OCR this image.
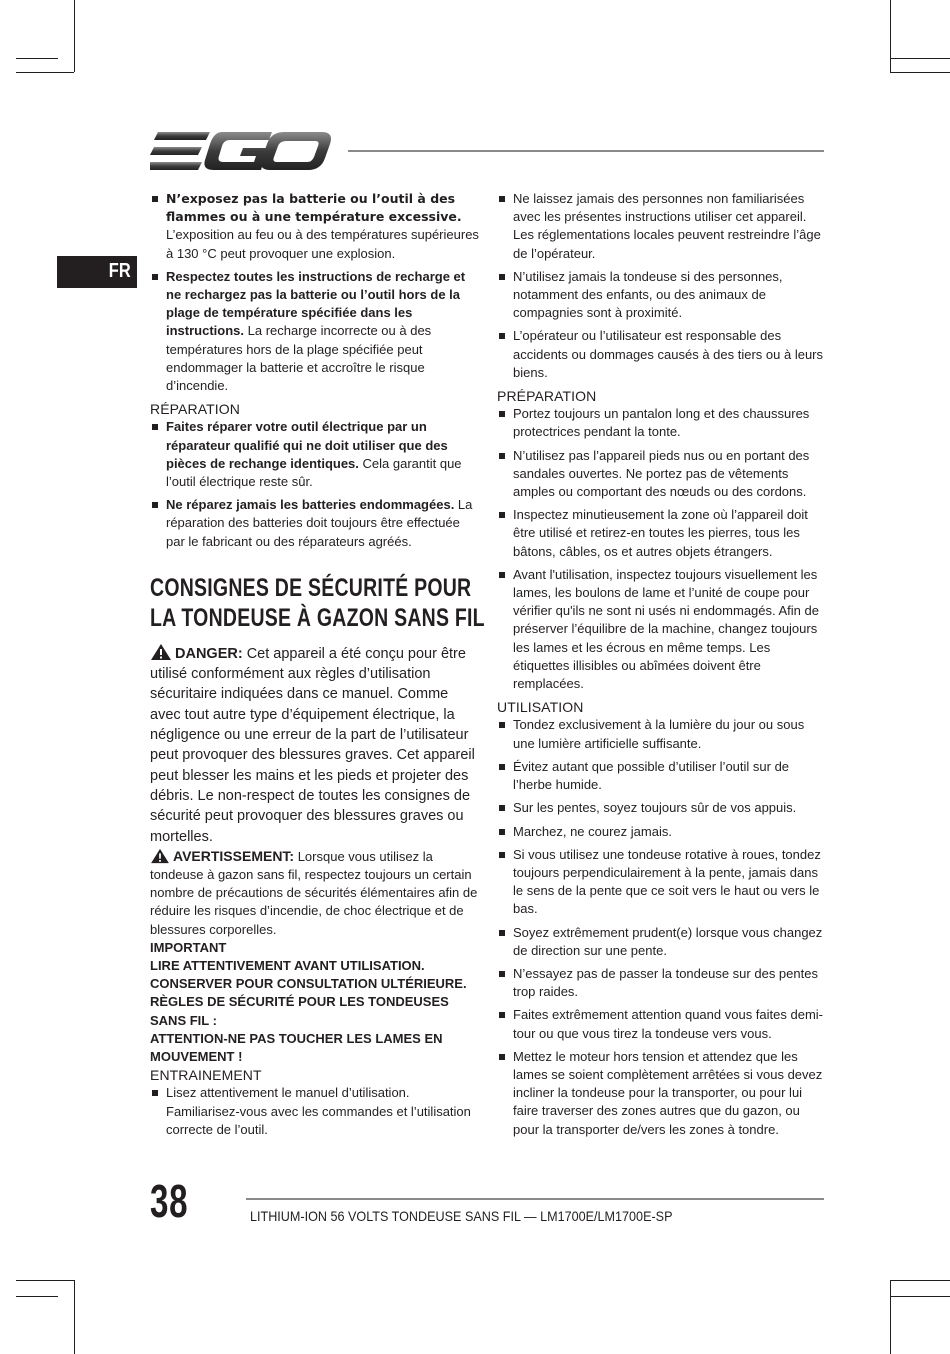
FR
N’exposez pas la batterie ou l’outil à des flammes ou à une température excessive. L’exposition au feu ou à des températures supérieures à 130 °C peut provoquer une explosion.
Respectez toutes les instructions de recharge et ne rechargez pas la batterie ou l’outil hors de la plage de température spécifiée dans les instructions. La recharge incorrecte ou à des températures hors de la plage spécifiée peut endommager la batterie et accroître le risque d’incendie.

RÉPARATION

Faites réparer votre outil électrique par un réparateur qualifié qui ne doit utiliser que des pièces de rechange identiques. Cela garantit que l’outil électrique reste sûr.
Ne réparez jamais les batteries endommagées. La réparation des batteries doit toujours être effectuée par le fabricant ou des réparateurs agréés.
CONSIGNES DE SÉCURITÉ POUR LA TONDEUSE À GAZON SANS FIL

DANGER: Cet appareil a été conçu pour être utilisé conformément aux règles d’utilisation sécuritaire indiquées dans ce manuel. Comme avec tout autre type d’équipement électrique, la négligence ou une erreur de la part de l’utilisateur peut provoquer des blessures graves. Cet appareil peut blesser les mains et les pieds et projeter des débris. Le non-respect de toutes les consignes de sécurité peut provoquer des blessures graves ou mortelles.

AVERTISSEMENT: Lorsque vous utilisez la tondeuse à gazon sans fil, respectez toujours un certain nombre de précautions de sécurités élémentaires afin de réduire les risques d’incendie, de choc électrique et de blessures corporelles.

IMPORTANT

LIRE ATTENTIVEMENT AVANT UTILISATION. CONSERVER POUR CONSULTATION ULTÉRIEURE.

RÈGLES DE SÉCURITÉ POUR LES TONDEUSES SANS FIL :

ATTENTION-NE PAS TOUCHER LES LAMES EN MOUVEMENT !

ENTRAINEMENT

Lisez attentivement le manuel d’utilisation. Familiarisez-vous avec les commandes et l’utilisation correcte de l’outil.
Ne laissez jamais des personnes non familiarisées avec les présentes instructions utiliser cet appareil. Les réglementations locales peuvent restreindre l’âge de l’opérateur.
N’utilisez jamais la tondeuse si des personnes, notamment des enfants, ou des animaux de compagnies sont à proximité.
L’opérateur ou l’utilisateur est responsable des accidents ou dommages causés à des tiers ou à leurs biens.

PRÉPARATION

Portez toujours un pantalon long et des chaussures protectrices pendant la tonte.
N’utilisez pas l’appareil pieds nus ou en portant des sandales ouvertes. Ne portez pas de vêtements amples ou comportant des nœuds ou des cordons.
Inspectez minutieusement la zone où l’appareil doit être utilisé et retirez-en toutes les pierres, tous les bâtons, câbles, os et autres objets étrangers.
Avant l'utilisation, inspectez toujours visuellement les lames, les boulons de lame et l’unité de coupe pour vérifier qu'ils ne sont ni usés ni endommagés. Afin de préserver l’équilibre de la machine, changez toujours les lames et les écrous en même temps. Les étiquettes illisibles ou abîmées doivent être remplacées.

UTILISATION

Tondez exclusivement à la lumière du jour ou sous une lumière artificielle suffisante.
Évitez autant que possible d’utiliser l’outil sur de l’herbe humide.
Sur les pentes, soyez toujours sûr de vos appuis.
Marchez, ne courez jamais.
Si vous utilisez une tondeuse rotative à roues, tondez toujours perpendiculairement à la pente, jamais dans le sens de la pente que ce soit vers le haut ou vers le bas.
Soyez extrêmement prudent(e) lorsque vous changez de direction sur une pente.
N’essayez pas de passer la tondeuse sur des pentes trop raides.
Faites extrêmement attention quand vous faites demi-tour ou que vous tirez la tondeuse vers vous.
Mettez le moteur hors tension et attendez que les lames se soient complètement arrêtées si vous devez incliner la tondeuse pour la transporter, ou pour lui faire traverser des zones autres que du gazon, ou pour la transporter de/vers les zones à tondre.
38	LITHIUM-ION 56 VOLTS TONDEUSE SANS FIL — LM1700E/LM1700E-SP
